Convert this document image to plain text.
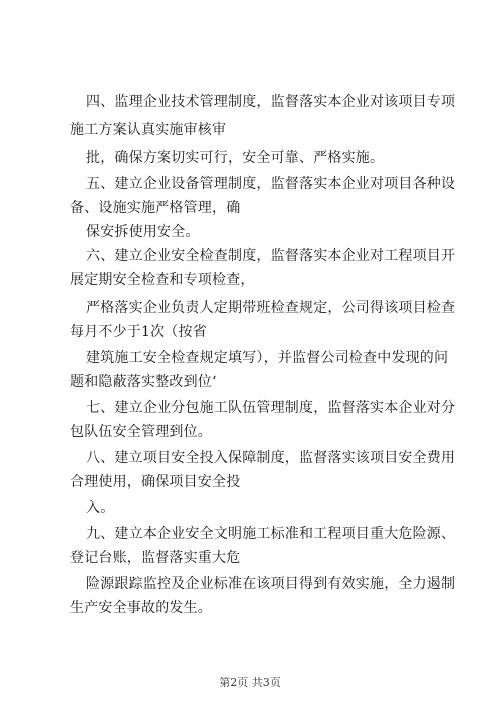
四、监理企业技术管理制度，监督落实本企业对该项目专项
施工方案认真实施审核审
批，确保方案切实可行，安全可靠、严格实施。
五、建立企业设备管理制度，监督落实本企业对项目各种设
备、设施实施严格管理，确
保安拆使用安全。
六、建立企业安全检查制度，监督落实本企业对工程项目开
展定期安全检查和专项检查，
严格落实企业负责人定期带班检查规定，公司得该项目检查
每月不少于1次（按省
建筑施工安全检查规定填写），并监督公司检查中发现的问
题和隐蔽落实整改到位‘
七、建立企业分包施工队伍管理制度，监督落实本企业对分
包队伍安全管理到位。
八、建立项目安全投入保障制度，监督落实该项目安全费用
合理使用，确保项目安全投
入。
九、建立本企业安全文明施工标准和工程项目重大危险源、
登记台账，监督落实重大危
险源跟踪监控及企业标准在该项目得到有效实施，全力遏制
生产安全事故的发生。
第2页 共3页
